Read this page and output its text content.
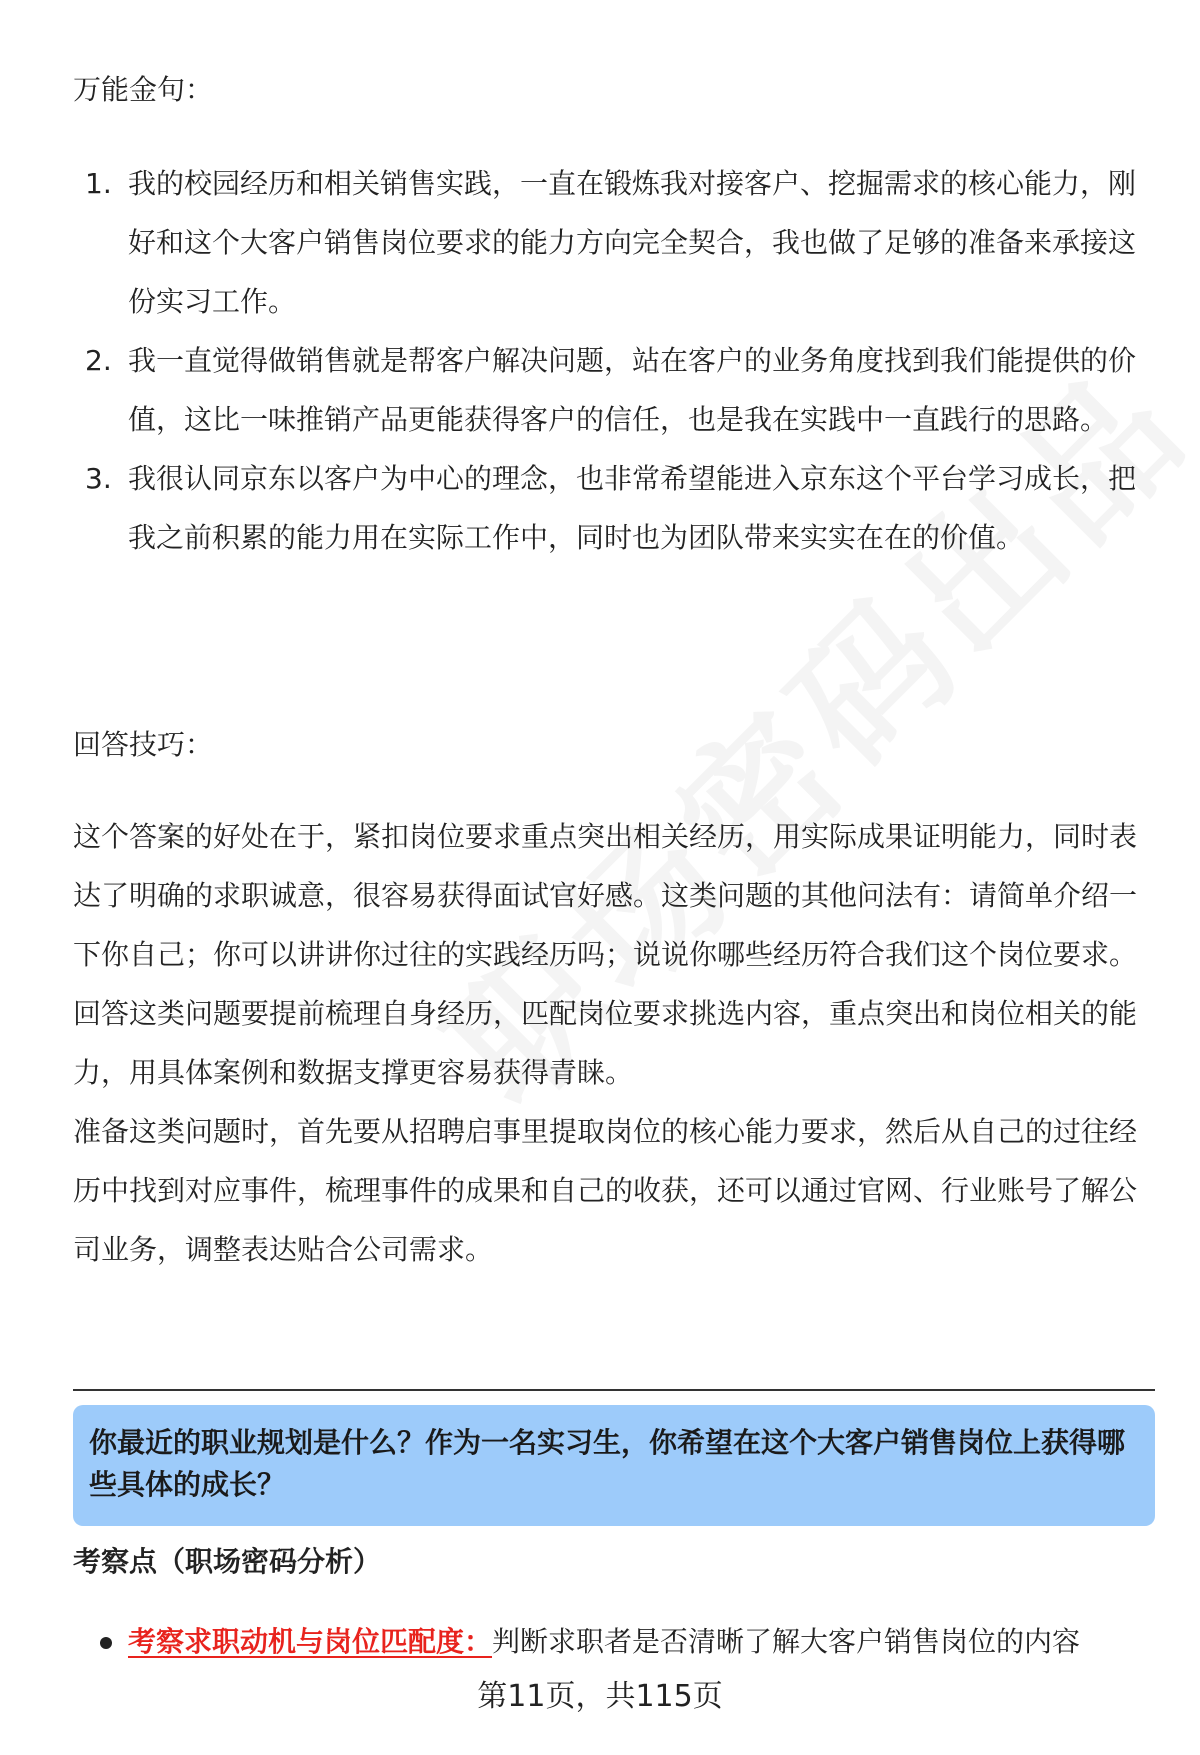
万能金句：
1. 我的校园经历和相关销售实践，一直在锻炼我对接客户、挖掘需求的核心能力，刚好和这个大客户销售岗位要求的能力方向完全契合，我也做了足够的准备来承接这份实习工作。
2. 我一直觉得做销售就是帮客户解决问题，站在客户的业务角度找到我们能提供的价值，这比一味推销产品更能获得客户的信任，也是我在实践中一直践行的思路。
3. 我很认同京东以客户为中心的理念，也非常希望能进入京东这个平台学习成长，把我之前积累的能力用在实际工作中，同时也为团队带来实实在在的价值。
回答技巧：

这个答案的好处在于，紧扣岗位要求重点突出相关经历，用实际成果证明能力，同时表达了明确的求职诚意，很容易获得面试官好感。这类问题的其他问法有：请简单介绍一下你自己；你可以讲讲你过往的实践经历吗；说说你哪些经历符合我们这个岗位要求。

回答这类问题要提前梳理自身经历，匹配岗位要求挑选内容，重点突出和岗位相关的能力，用具体案例和数据支撑更容易获得青睐。

准备这类问题时，首先要从招聘启事里提取岗位的核心能力要求，然后从自己的过往经历中找到对应事件，梳理事件的成果和自己的收获，还可以通过官网、行业账号了解公司业务，调整表达贴合公司需求。

你最近的职业规划是什么？作为一名实习生，你希望在这个大客户销售岗位上获得哪些具体的成长？
考察点（职场密码分析）
考察求职动机与岗位匹配度：判断求职者是否清晰了解大客户销售岗位的内容
第11页，共115页
